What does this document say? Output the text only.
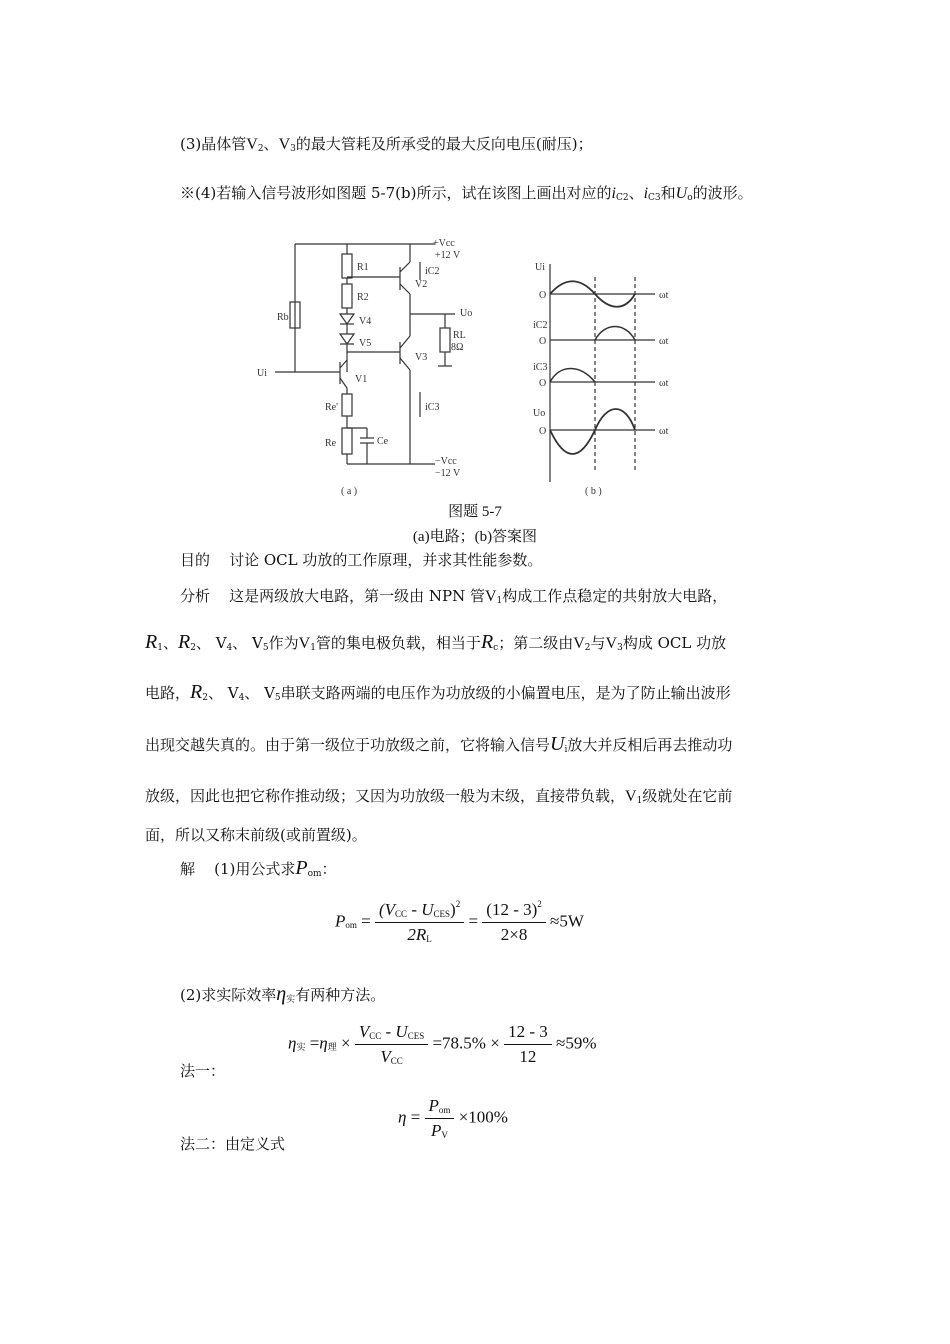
(3)晶体管V2、V3的最大管耗及所承受的最大反向电压(耐压)；
※(4)若输入信号波形如图题 5-7(b)所示，试在该图上画出对应的iC2、iC3和Uo的波形。
+Vcc
+12 V
R1
R2
Rb	V4
V5
V1
V2
V3
Re'
Re	Ce
RL
8Ω
Ui
Uo
iC3
iC2
−Vcc
−12 V
( a )	( b )
Ui
iC2
iC3
Uo
O
O
O
O
ωt
ωt
ωt
ωt
图题 5-7
(a)电路；(b)答案图
目的 讨论 OCL 功放的工作原理，并求其性能参数。
分析 这是两级放大电路，第一级由 NPN 管V1构成工作点稳定的共射放大电路，
R1、R2、 V4、 V5作为V1管的集电极负载，相当于Rc；第二级由V2与V3构成 OCL 功放
电路，R2、 V4、 V5串联支路两端的电压作为功放级的小偏置电压，是为了防止输出波形
出现交越失真的。由于第一级位于功放级之前，它将输入信号Ui放大并反相后再去推动功
放级，因此也把它称作推动级；又因为功放级一般为末级，直接带负载，V1级就处在它前
面，所以又称末前级(或前置级)。
解 (1)用公式求Pom：
Pom = $\frac{(VCC - UCES)^2}{2RL} = \frac{(12 - 3)^2}{2\times 8} \approx 5W$
(2)求实际效率η实有两种方法。
η实 =η理 × $\frac{\text{VCC - UCES}}{\text{VCC}} =78.5\% \times \frac{12 - 3}{12} \approx 59\%$
法一：
$\eta = \frac{\text{Pom}}{PV} \times 100\%$
法二：由定义式
